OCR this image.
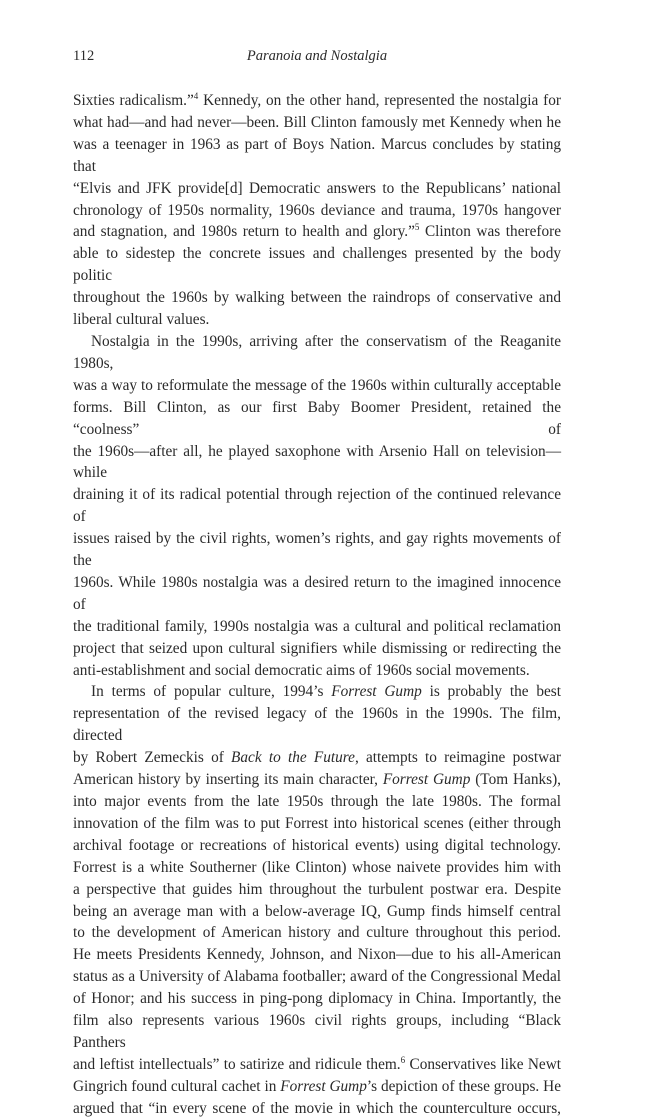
112	Paranoia and Nostalgia

Sixties radicalism.”$^4$ Kennedy, on the other hand, represented the nostalgia for
what had—and had never—been. Bill Clinton famously met Kennedy when he
was a teenager in 1963 as part of Boys Nation. Marcus concludes by stating that
“Elvis and JFK provide[d] Democratic answers to the Republicans’ national
chronology of 1950s normality, 1960s deviance and trauma, 1970s hangover
and stagnation, and 1980s return to health and glory.”$^5$ Clinton was therefore
able to sidestep the concrete issues and challenges presented by the body politic
throughout the 1960s by walking between the raindrops of conservative and
liberal cultural values.

Nostalgia in the 1990s, arriving after the conservatism of the Reaganite 1980s,
was a way to reformulate the message of the 1960s within culturally acceptable
forms. Bill Clinton, as our first Baby Boomer President, retained the “coolness” of
the 1960s—after all, he played saxophone with Arsenio Hall on television—while
draining it of its radical potential through rejection of the continued relevance of
issues raised by the civil rights, women’s rights, and gay rights movements of the
1960s. While 1980s nostalgia was a desired return to the imagined innocence of
the traditional family, 1990s nostalgia was a cultural and political reclamation
project that seized upon cultural signifiers while dismissing or redirecting the
anti-establishment and social democratic aims of 1960s social movements.

In terms of popular culture, 1994’s Forrest Gump is probably the best
representation of the revised legacy of the 1960s in the 1990s. The film, directed
by Robert Zemeckis of Back to the Future, attempts to reimagine postwar
American history by inserting its main character, Forrest Gump (Tom Hanks),
into major events from the late 1950s through the late 1980s. The formal
innovation of the film was to put Forrest into historical scenes (either through
archival footage or recreations of historical events) using digital technology.
Forrest is a white Southerner (like Clinton) whose naivete provides him with
a perspective that guides him throughout the turbulent postwar era. Despite
being an average man with a below-average IQ, Gump finds himself central
to the development of American history and culture throughout this period.
He meets Presidents Kennedy, Johnson, and Nixon—due to his all-American
status as a University of Alabama footballer; award of the Congressional Medal
of Honor; and his success in ping-pong diplomacy in China. Importantly, the
film also represents various 1960s civil rights groups, including “Black Panthers
and leftist intellectuals” to satirize and ridicule them.$^6$ Conservatives like Newt
Gingrich found cultural cachet in Forrest Gump’s depiction of these groups. He
argued that “in every scene of the movie in which the counterculture occurs,
